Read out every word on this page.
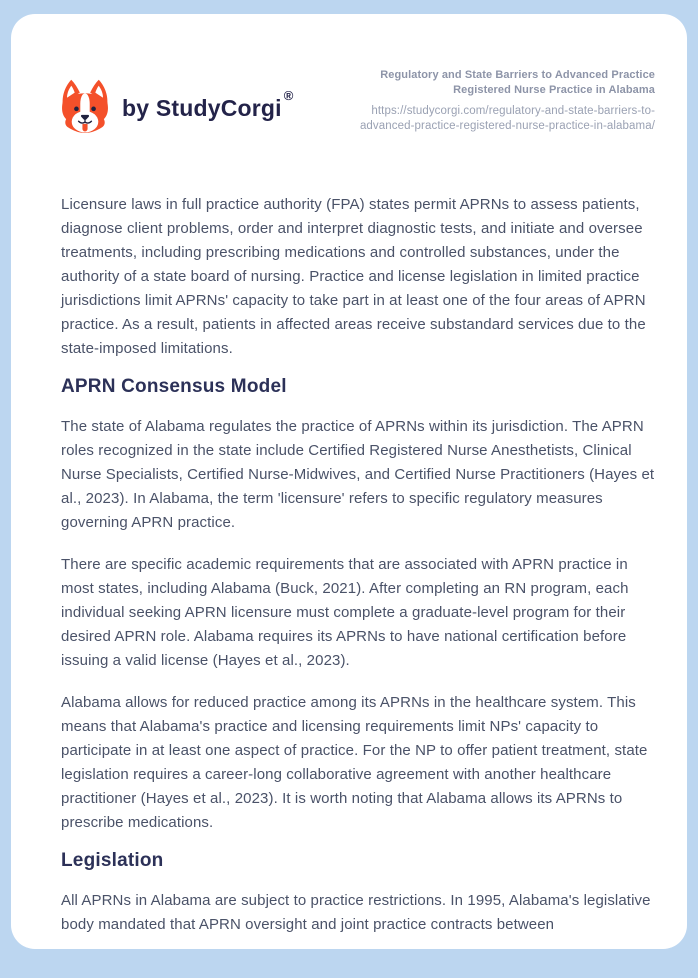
by StudyCorgi ®
Regulatory and State Barriers to Advanced Practice Registered Nurse Practice in Alabama
https://studycorgi.com/regulatory-and-state-barriers-to-advanced-practice-registered-nurse-practice-in-alabama/

Licensure laws in full practice authority (FPA) states permit APRNs to assess patients, diagnose client problems, order and interpret diagnostic tests, and initiate and oversee treatments, including prescribing medications and controlled substances, under the authority of a state board of nursing. Practice and license legislation in limited practice jurisdictions limit APRNs' capacity to take part in at least one of the four areas of APRN practice. As a result, patients in affected areas receive substandard services due to the state-imposed limitations.

APRN Consensus Model

The state of Alabama regulates the practice of APRNs within its jurisdiction. The APRN roles recognized in the state include Certified Registered Nurse Anesthetists, Clinical Nurse Specialists, Certified Nurse-Midwives, and Certified Nurse Practitioners (Hayes et al., 2023). In Alabama, the term 'licensure' refers to specific regulatory measures governing APRN practice.

There are specific academic requirements that are associated with APRN practice in most states, including Alabama (Buck, 2021). After completing an RN program, each individual seeking APRN licensure must complete a graduate-level program for their desired APRN role. Alabama requires its APRNs to have national certification before issuing a valid license (Hayes et al., 2023).

Alabama allows for reduced practice among its APRNs in the healthcare system. This means that Alabama's practice and licensing requirements limit NPs' capacity to participate in at least one aspect of practice. For the NP to offer patient treatment, state legislation requires a career-long collaborative agreement with another healthcare practitioner (Hayes et al., 2023). It is worth noting that Alabama allows its APRNs to prescribe medications.

Legislation

All APRNs in Alabama are subject to practice restrictions. In 1995, Alabama's legislative body mandated that APRN oversight and joint practice contracts between
